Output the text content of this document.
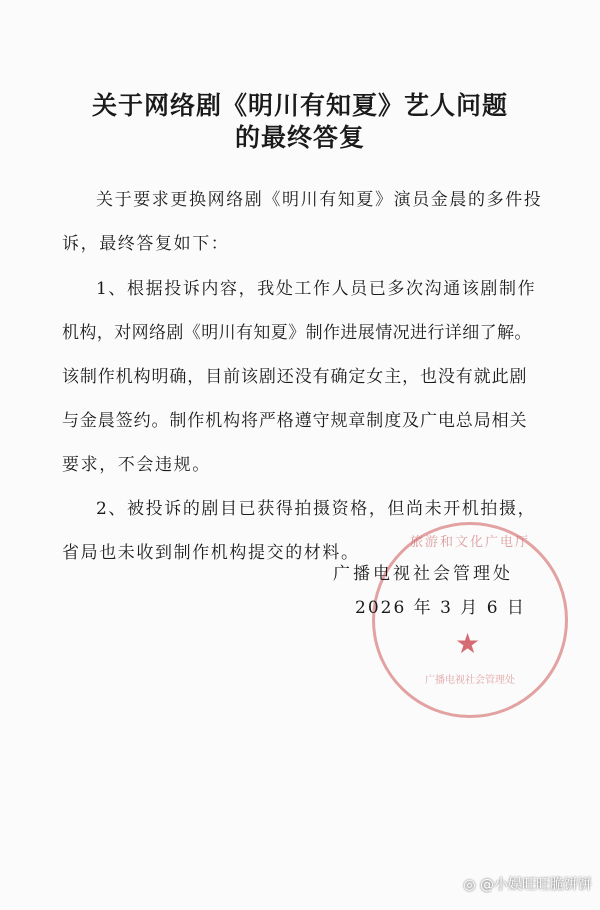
关于网络剧《明川有知夏》艺人问题
的最终答复
关于要求更换网络剧《明川有知夏》演员金晨的多件投
诉，最终答复如下：
1、根据投诉内容，我处工作人员已多次沟通该剧制作
机构，对网络剧《明川有知夏》制作进展情况进行详细了解。
该制作机构明确，目前该剧还没有确定女主，也没有就此剧
与金晨签约。制作机构将严格遵守规章制度及广电总局相关
要求，不会违规。
2、被投诉的剧目已获得拍摄资格，但尚未开机拍摄，
省局也未收到制作机构提交的材料。
旅游和文化广电厅
★
广播电视社会管理处
广播电视社会管理处
2026 年 3 月 6 日
◎ @小娱旺旺脆饼饼
